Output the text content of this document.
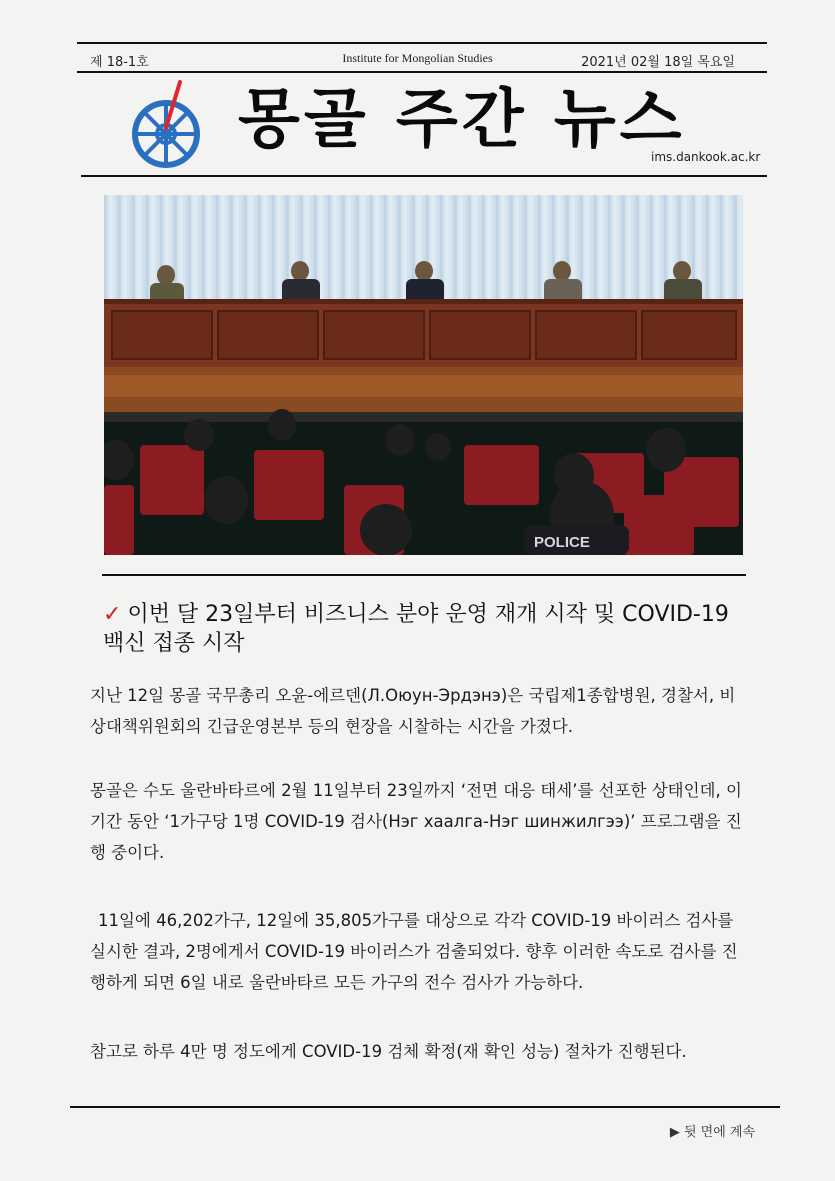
제 18-1호	Institute for Mongolian Studies	2021년 02월 18일 목요일
몽골 주간 뉴스
ims.dankook.ac.kr
POLICE
✓ 이번 달 23일부터 비즈니스 분야 운영 재개 시작 및 COVID-19 백신 접종 시작

지난 12일 몽골 국무총리 오윤-에르덴(Л.Оюун-Эрдэнэ)은 국립제1종합병원, 경찰서, 비상대책위원회의 긴급운영본부 등의 현장을 시찰하는 시간을 가졌다.

몽골은 수도 울란바타르에 2월 11일부터 23일까지 ‘전면 대응 태세’를 선포한 상태인데, 이 기간 동안 ‘1가구당 1명 COVID-19 검사(Нэг хаалга-Нэг шинжилгээ)’ 프로그램을 진행 중이다.

11일에 46,202가구, 12일에 35,805가구를 대상으로 각각 COVID-19 바이러스 검사를 실시한 결과, 2명에게서 COVID-19 바이러스가 검출되었다. 향후 이러한 속도로 검사를 진행하게 되면 6일 내로 울란바타르 모든 가구의 전수 검사가 가능하다.

참고로 하루 4만 명 정도에게 COVID-19 검체 확정(재 확인 성능) 절차가 진행된다.

▶ 뒷 면에 계속
